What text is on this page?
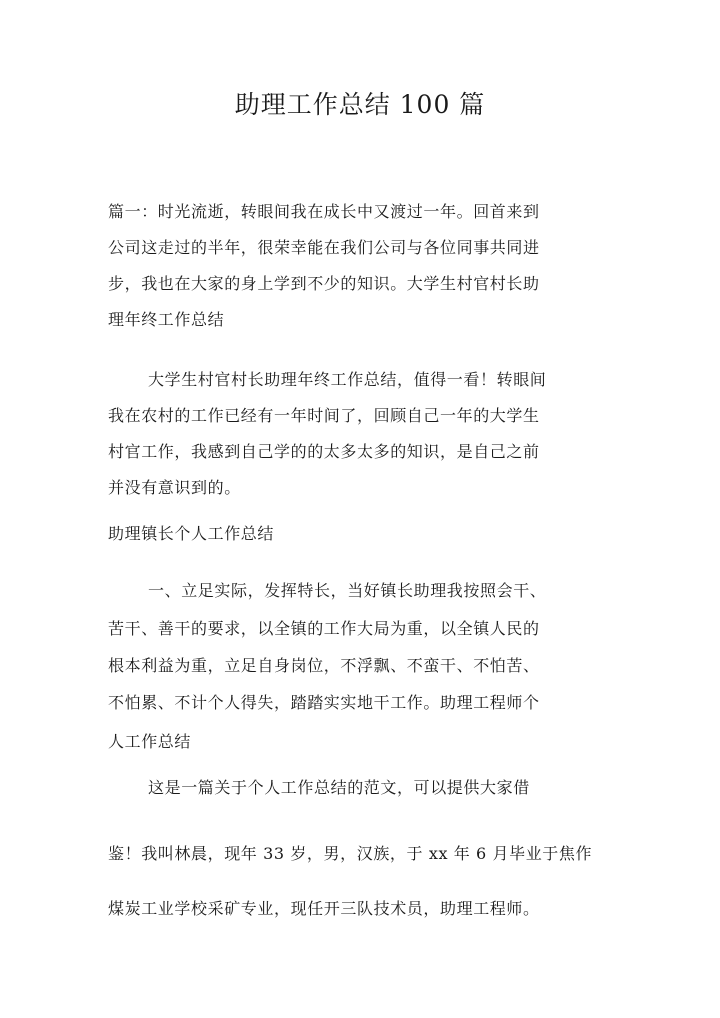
助理工作总结 100 篇
篇一：时光流逝，转眼间我在成长中又渡过一年。回首来到
公司这走过的半年，很荣幸能在我们公司与各位同事共同进
步，我也在大家的身上学到不少的知识。大学生村官村长助
理年终工作总结
大学生村官村长助理年终工作总结，值得一看！转眼间
我在农村的工作已经有一年时间了，回顾自己一年的大学生
村官工作，我感到自己学的的太多太多的知识，是自己之前
并没有意识到的。
助理镇长个人工作总结
一、立足实际，发挥特长，当好镇长助理我按照会干、
苦干、善干的要求，以全镇的工作大局为重，以全镇人民的
根本利益为重，立足自身岗位，不浮飘、不蛮干、不怕苦、
不怕累、不计个人得失，踏踏实实地干工作。助理工程师个
人工作总结
这是一篇关于个人工作总结的范文，可以提供大家借
鉴！我叫林晨，现年 33 岁，男，汉族，于 xx 年 6 月毕业于焦作
煤炭工业学校采矿专业，现任开三队技术员，助理工程师。
